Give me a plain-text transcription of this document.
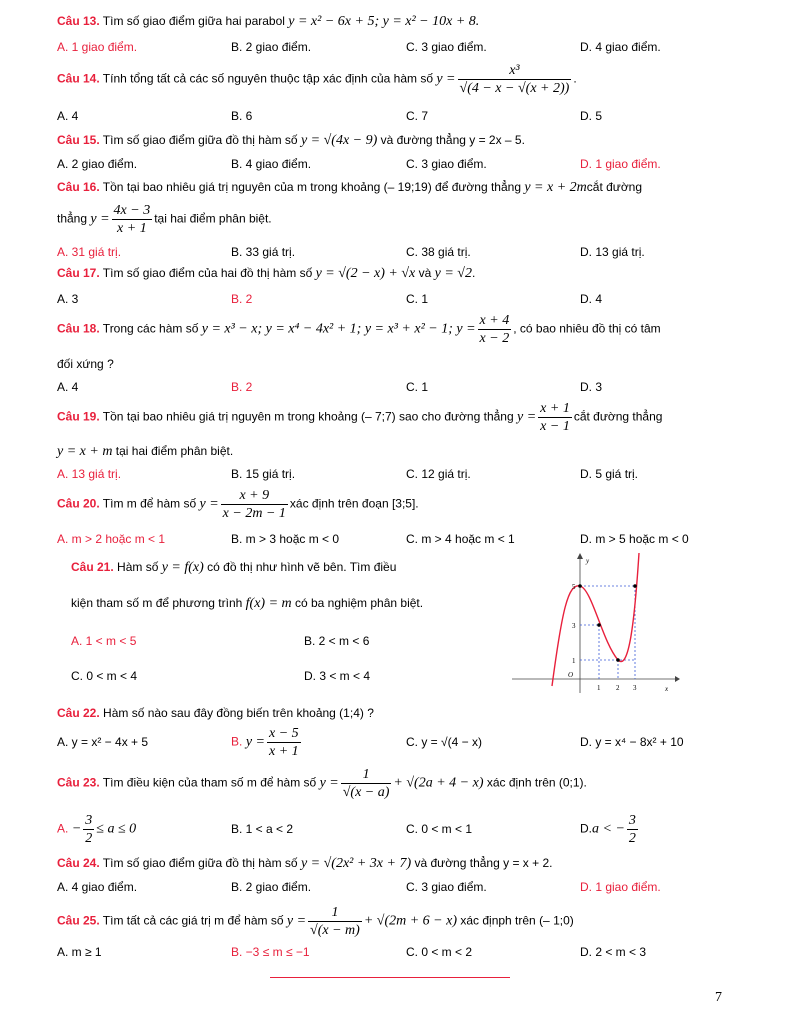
Câu 13. Tìm số giao điểm giữa hai parabol y = x² − 6x + 5; y = x² − 10x + 8.
A. 1 giao điểm.	B. 2 giao điểm.	C. 3 giao điểm.	D. 4 giao điểm.
Câu 14. Tính tổng tất cả các số nguyên thuộc tập xác định của hàm số $y = \frac{\text{x³}}{√(4 - x - √(x + 2))}$ .
A. 4	B. 6	C. 7	D. 5
Câu 15. Tìm số giao điểm giữa đồ thị hàm số y = √(4x − 9) và đường thẳng y = 2x – 5.
A. 2 giao điểm.	B. 4 giao điểm.	C. 3 giao điểm.	D. 1 giao điểm.
Câu 16. Tồn tại bao nhiêu giá trị nguyên của m trong khoảng (– 19;19) để đường thẳng y = x + 2mcắt đường
thẳng $y = \frac{4x - 3}{x + 1}$ tại hai điểm phân biệt.
A. 31 giá trị.	B. 33 giá trị.	C. 38 giá trị.	D. 13 giá trị.
Câu 17. Tìm số giao điểm của hai đồ thị hàm số y = √(2 − x) + √x và y = √2.
A. 3	B. 2	C. 1	D. 4
Câu 18. Trong các hàm số y = x³ − x; y = x⁴ − 4x² + 1; y = x³ + x² − 1; $y = \frac{x + 4}{x - 2}$ , có bao nhiêu đồ thị có tâm
đối xứng ?
A. 4	B. 2	C. 1	D. 3
Câu 19. Tồn tại bao nhiêu giá trị nguyên m trong khoảng (– 7;7) sao cho đường thẳng $y = \frac{x + 1}{x - 1}$ cắt đường thẳng
y = x + m tại hai điểm phân biệt.
A. 13 giá trị.	B. 15 giá trị.	C. 12 giá trị.	D. 5 giá trị.
Câu 20. Tìm m để hàm số $y = \frac{x + 9}{x - 2m - 1}$ xác định trên đoạn [3;5].
A. m > 2 hoặc m < 1	B. m > 3 hoặc m < 0	C. m > 4 hoặc m < 1	D. m > 5 hoặc m < 0
Câu 21. Hàm số y = f(x) có đồ thị như hình vẽ bên. Tìm điều
kiện tham số m để phương trình f(x) = m có ba nghiệm phân biệt.
A. 1 < m < 5	B. 2 < m < 6
C. 0 < m < 4	D. 3 < m < 4
y
x
O
5
3
1
1 2 3
Câu 22. Hàm số nào sau đây đồng biến trên khoảng (1;4) ?
A. y = x² − 4x + 5	B. $y = \frac{x - 5}{x + 1}$	C. y = √(4 − x)	D. y = x⁴ − 8x² + 10
Câu 23. Tìm điều kiện của tham số m để hàm số $y = \frac{1}{√(x - a)} + √(2a + 4 - x)$ xác định trên (0;1).
A. − $\frac{3}{2} \le a \le 0$	B. 1 < a < 2	C. 0 < m < 1	D.a < − $\frac{3}{2}$
Câu 24. Tìm số giao điểm giữa đồ thị hàm số y = √(2x² + 3x + 7) và đường thẳng y = x + 2.
A. 4 giao điểm.	B. 2 giao điểm.	C. 3 giao điểm.	D. 1 giao điểm.
Câu 25. Tìm tất cả các giá trị m để hàm số $y = \frac{1}{√(x - m)} + √(2m + 6 - x)$ xác địnph trên (– 1;0)
A. m ≥ 1	B. −3 ≤ m ≤ −1	C. 0 < m < 2	D. 2 < m < 3
7
